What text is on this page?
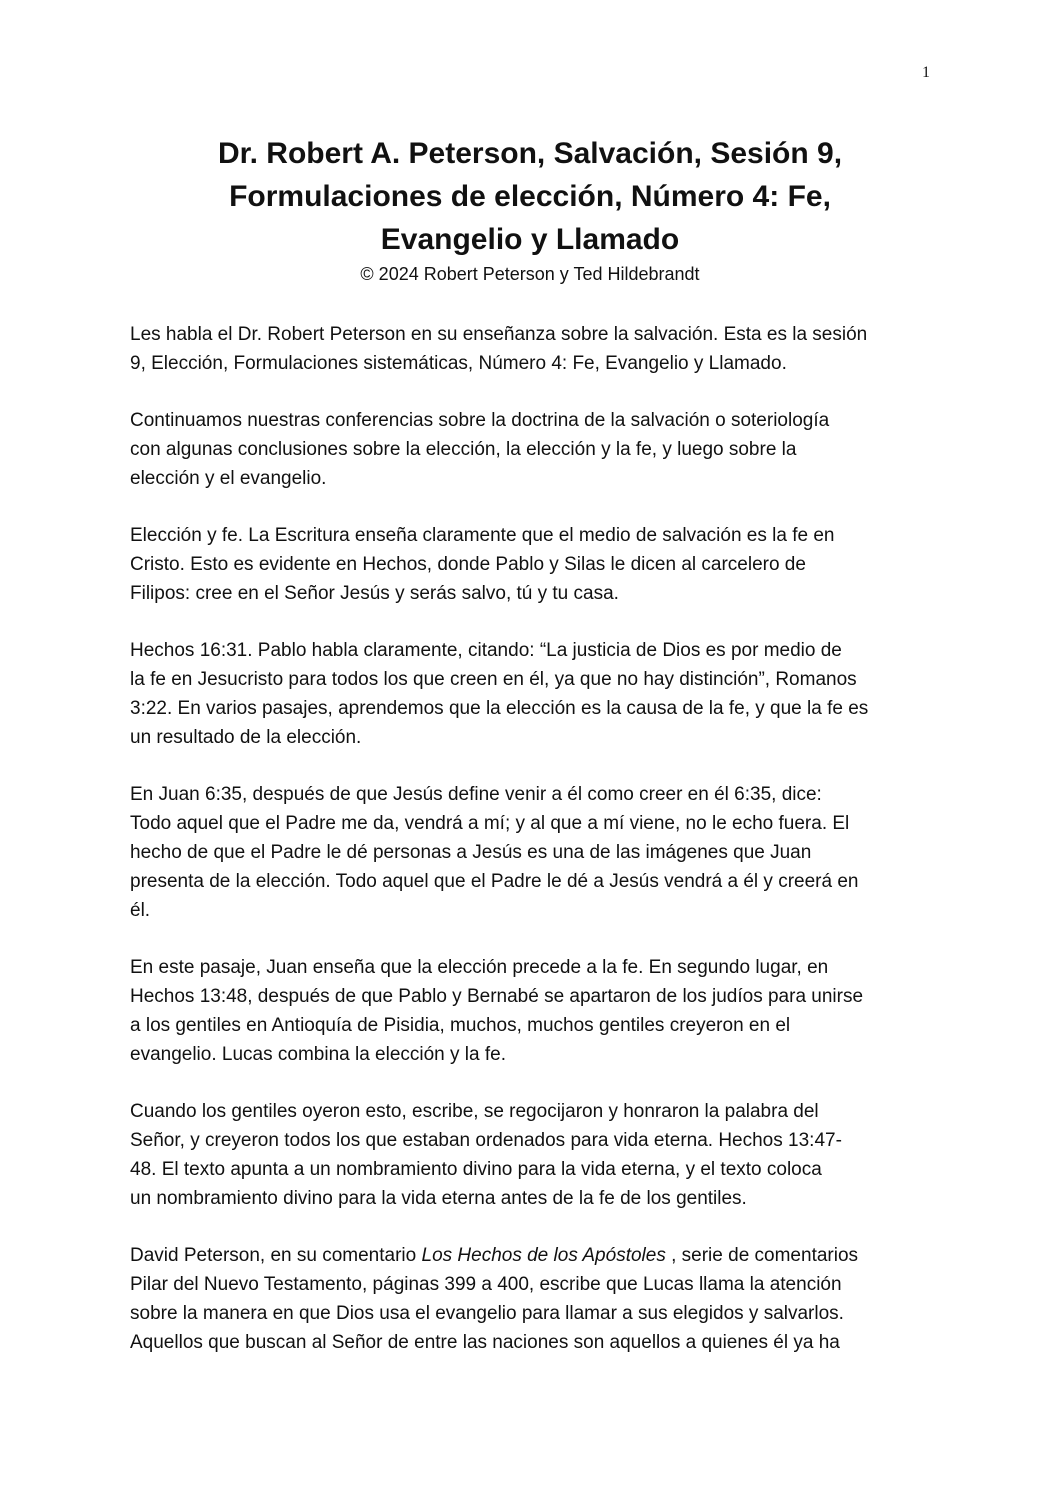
1
Dr. Robert A. Peterson, Salvación, Sesión 9,
Formulaciones de elección, Número 4: Fe,
Evangelio y Llamado

© 2024 Robert Peterson y Ted Hildebrandt

Les habla el Dr. Robert Peterson en su enseñanza sobre la salvación. Esta es la sesión
9, Elección, Formulaciones sistemáticas, Número 4: Fe, Evangelio y Llamado.

Continuamos nuestras conferencias sobre la doctrina de la salvación o soteriología
con algunas conclusiones sobre la elección, la elección y la fe, y luego sobre la
elección y el evangelio.

Elección y fe. La Escritura enseña claramente que el medio de salvación es la fe en
Cristo. Esto es evidente en Hechos, donde Pablo y Silas le dicen al carcelero de
Filipos: cree en el Señor Jesús y serás salvo, tú y tu casa.

Hechos 16:31. Pablo habla claramente, citando: “La justicia de Dios es por medio de
la fe en Jesucristo para todos los que creen en él, ya que no hay distinción”, Romanos
3:22. En varios pasajes, aprendemos que la elección es la causa de la fe, y que la fe es
un resultado de la elección.

En Juan 6:35, después de que Jesús define venir a él como creer en él 6:35, dice:
Todo aquel que el Padre me da, vendrá a mí; y al que a mí viene, no le echo fuera. El
hecho de que el Padre le dé personas a Jesús es una de las imágenes que Juan
presenta de la elección. Todo aquel que el Padre le dé a Jesús vendrá a él y creerá en
él.

En este pasaje, Juan enseña que la elección precede a la fe. En segundo lugar, en
Hechos 13:48, después de que Pablo y Bernabé se apartaron de los judíos para unirse
a los gentiles en Antioquía de Pisidia, muchos, muchos gentiles creyeron en el
evangelio. Lucas combina la elección y la fe.

Cuando los gentiles oyeron esto, escribe, se regocijaron y honraron la palabra del
Señor, y creyeron todos los que estaban ordenados para vida eterna. Hechos 13:47-
48. El texto apunta a un nombramiento divino para la vida eterna, y el texto coloca
un nombramiento divino para la vida eterna antes de la fe de los gentiles.

David Peterson, en su comentario Los Hechos de los Apóstoles , serie de comentarios
Pilar del Nuevo Testamento, páginas 399 a 400, escribe que Lucas llama la atención
sobre la manera en que Dios usa el evangelio para llamar a sus elegidos y salvarlos.
Aquellos que buscan al Señor de entre las naciones son aquellos a quienes él ya ha
